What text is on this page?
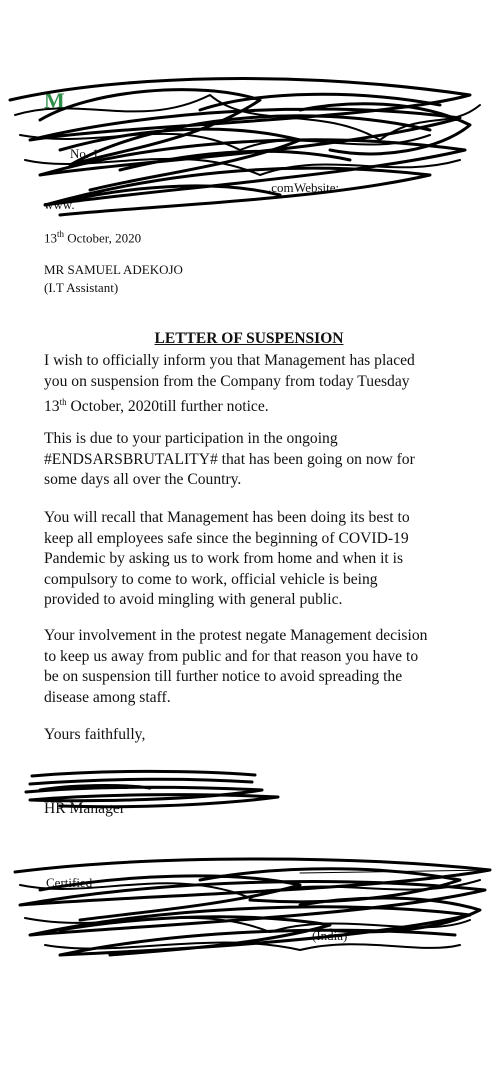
M
No. 1
.com Website:
www.
13th October, 2020
MR SAMUEL ADEKOJO
(I.T Assistant)
LETTER OF SUSPENSION
I wish to officially inform you that Management has placed
you on suspension from the Company from today Tuesday
13th October, 2020till further notice.
This is due to your participation in the ongoing
#ENDSARSBRUTALITY# that has been going on now for
some days all over the Country.
You will recall that Management has been doing its best to
keep all employees safe since the beginning of COVID-19
Pandemic by asking us to work from home and when it is
compulsory to come to work, official vehicle is being
provided to avoid mingling with general public.
Your involvement in the protest negate Management decision
to keep us away from public and for that reason you have to
be on suspension till further notice to avoid spreading the
disease among staff.
Yours faithfully,
HR Manager
Certified
(India)
